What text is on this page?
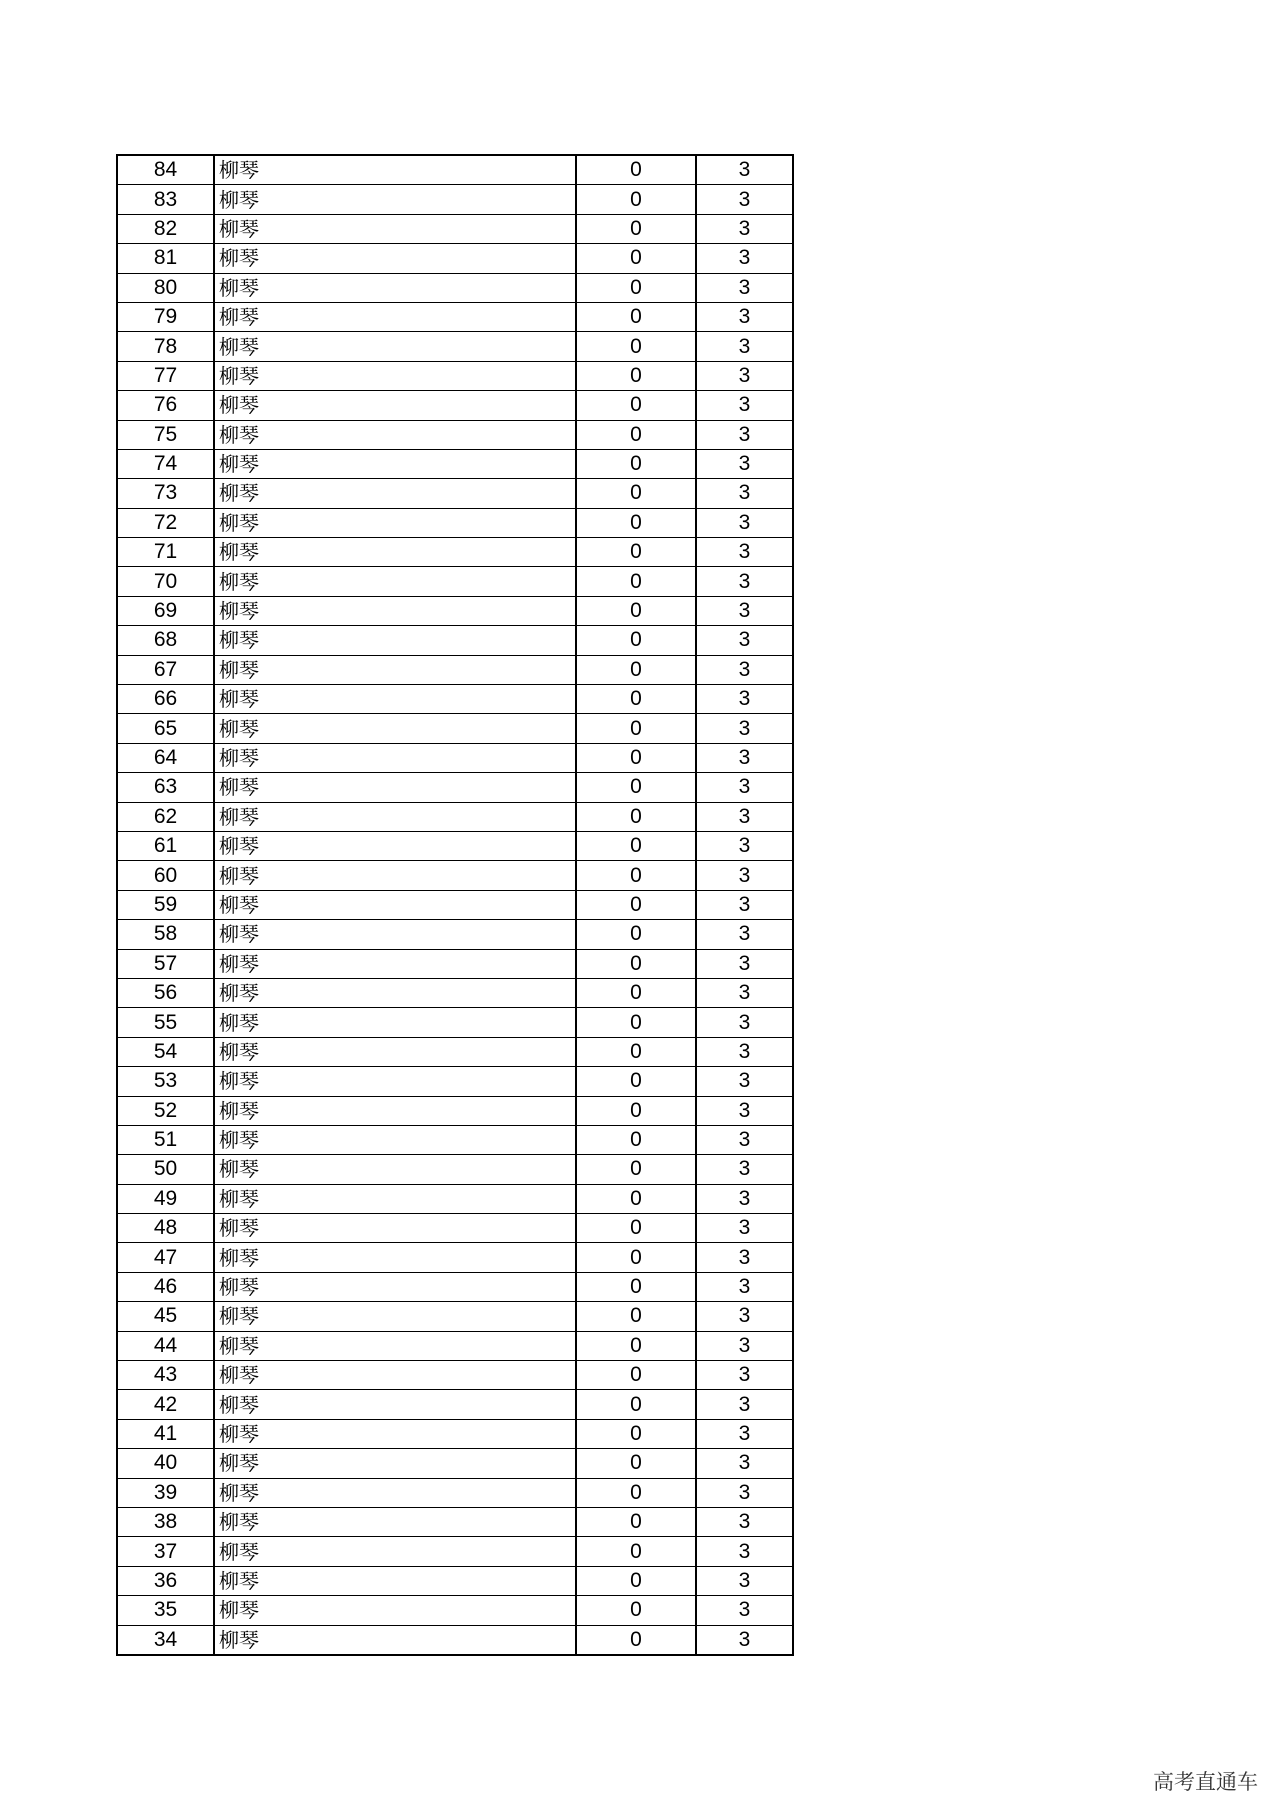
84	柳琴	0	3
83	柳琴	0	3
82	柳琴	0	3
81	柳琴	0	3
80	柳琴	0	3
79	柳琴	0	3
78	柳琴	0	3
77	柳琴	0	3
76	柳琴	0	3
75	柳琴	0	3
74	柳琴	0	3
73	柳琴	0	3
72	柳琴	0	3
71	柳琴	0	3
70	柳琴	0	3
69	柳琴	0	3
68	柳琴	0	3
67	柳琴	0	3
66	柳琴	0	3
65	柳琴	0	3
64	柳琴	0	3
63	柳琴	0	3
62	柳琴	0	3
61	柳琴	0	3
60	柳琴	0	3
59	柳琴	0	3
58	柳琴	0	3
57	柳琴	0	3
56	柳琴	0	3
55	柳琴	0	3
54	柳琴	0	3
53	柳琴	0	3
52	柳琴	0	3
51	柳琴	0	3
50	柳琴	0	3
49	柳琴	0	3
48	柳琴	0	3
47	柳琴	0	3
46	柳琴	0	3
45	柳琴	0	3
44	柳琴	0	3
43	柳琴	0	3
42	柳琴	0	3
41	柳琴	0	3
40	柳琴	0	3
39	柳琴	0	3
38	柳琴	0	3
37	柳琴	0	3
36	柳琴	0	3
35	柳琴	0	3
34	柳琴	0	3
高考直通车
